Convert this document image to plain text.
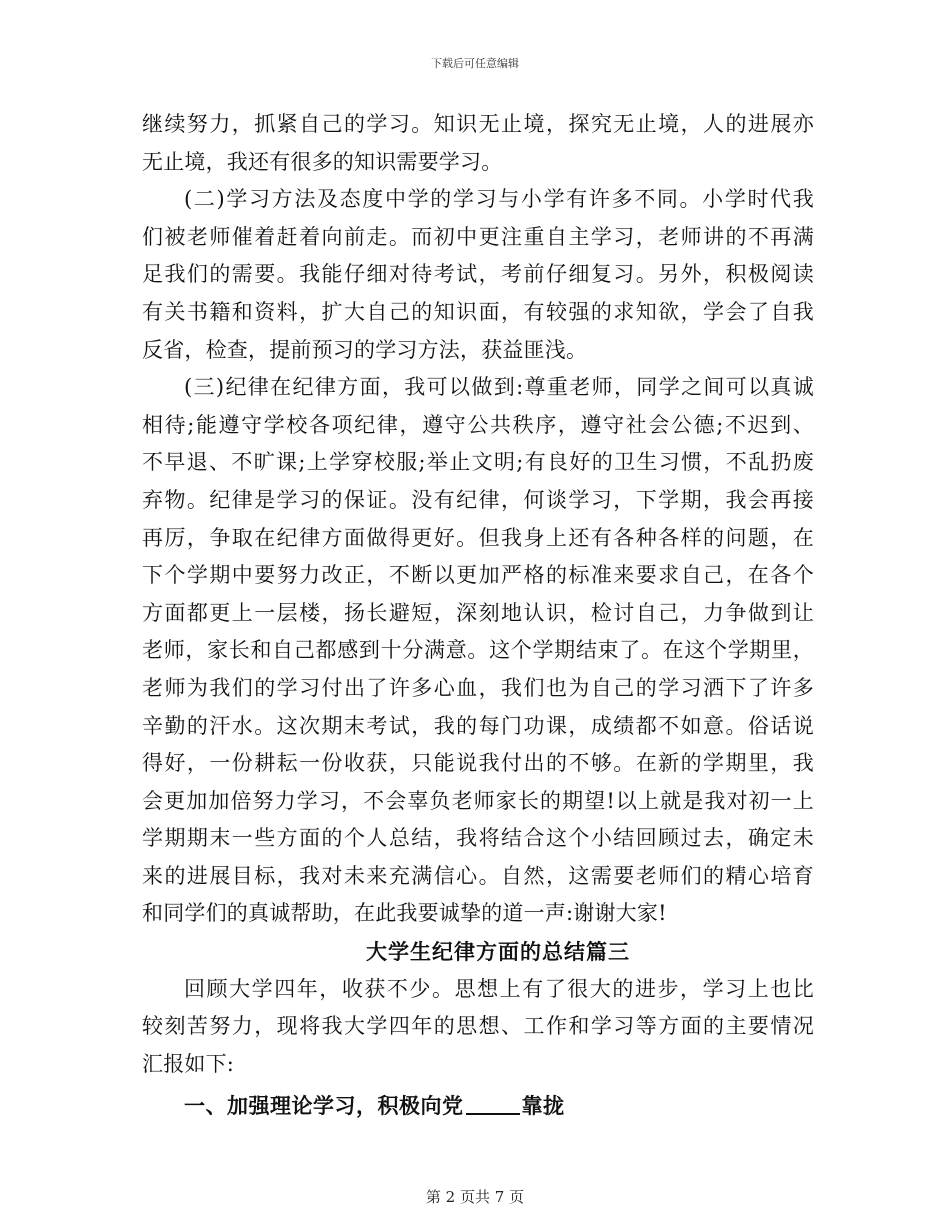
下载后可任意编辑
继续努力，抓紧自己的学习。知识无止境，探究无止境，人的进展亦
无止境，我还有很多的知识需要学习。
(二)学习方法及态度中学的学习与小学有许多不同。小学时代我
们被老师催着赶着向前走。而初中更注重自主学习，老师讲的不再满
足我们的需要。我能仔细对待考试，考前仔细复习。另外，积极阅读
有关书籍和资料，扩大自己的知识面，有较强的求知欲，学会了自我
反省，检查，提前预习的学习方法，获益匪浅。
(三)纪律在纪律方面，我可以做到:尊重老师，同学之间可以真诚
相待;能遵守学校各项纪律，遵守公共秩序，遵守社会公德;不迟到、
不早退、不旷课;上学穿校服;举止文明;有良好的卫生习惯，不乱扔废
弃物。纪律是学习的保证。没有纪律，何谈学习，下学期，我会再接
再厉，争取在纪律方面做得更好。但我身上还有各种各样的问题，在
下个学期中要努力改正，不断以更加严格的标准来要求自己，在各个
方面都更上一层楼，扬长避短，深刻地认识，检讨自己，力争做到让
老师，家长和自己都感到十分满意。这个学期结束了。在这个学期里，
老师为我们的学习付出了许多心血，我们也为自己的学习洒下了许多
辛勤的汗水。这次期末考试，我的每门功课，成绩都不如意。俗话说
得好，一份耕耘一份收获，只能说我付出的不够。在新的学期里，我
会更加加倍努力学习，不会辜负老师家长的期望!以上就是我对初一上
学期期末一些方面的个人总结，我将结合这个小结回顾过去，确定未
来的进展目标，我对未来充满信心。自然，这需要老师们的精心培育
和同学们的真诚帮助，在此我要诚挚的道一声:谢谢大家!
大学生纪律方面的总结篇三
回顾大学四年，收获不少。思想上有了很大的进步，学习上也比
较刻苦努力，现将我大学四年的思想、工作和学习等方面的主要情况
汇报如下:
一、加强理论学习，积极向党	靠拢
第 2 页共 7 页
